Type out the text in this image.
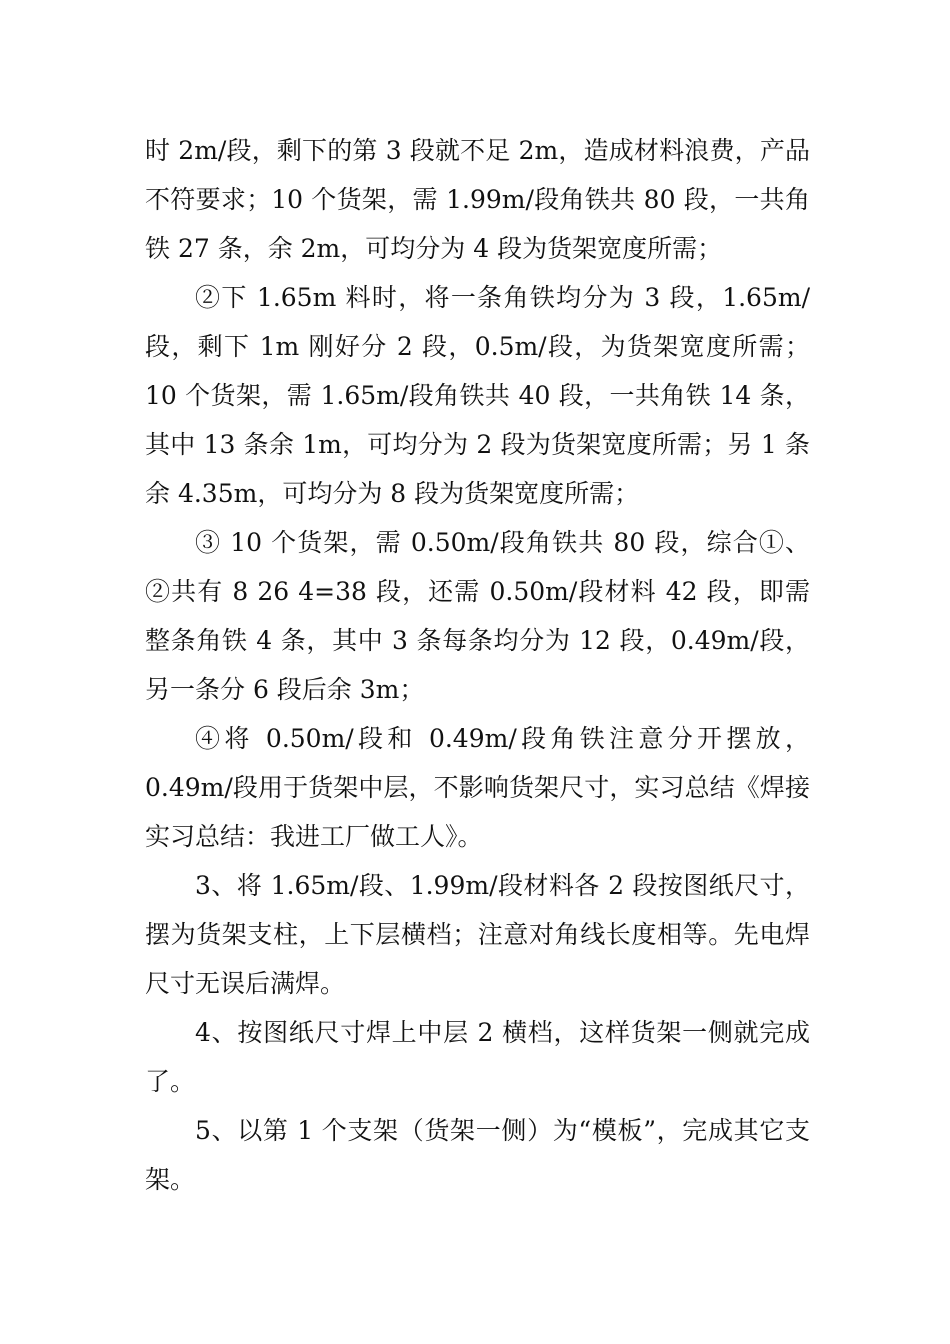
时 2m/段，剩下的第 3 段就不足 2m，造成材料浪费，产品不符要求；10 个货架，需 1.99m/段角铁共 80 段，一共角铁 27 条，余 2m，可均分为 4 段为货架宽度所需；

②下 1.65m 料时，将一条角铁均分为 3 段，1.65m/段，剩下 1m 刚好分 2 段，0.5m/段，为货架宽度所需；10 个货架，需 1.65m/段角铁共 40 段，一共角铁 14 条，其中 13 条余 1m，可均分为 2 段为货架宽度所需；另 1 条余 4.35m，可均分为 8 段为货架宽度所需；

③ 10 个货架，需 0.50m/段角铁共 80 段，综合①、②共有 8 26 4=38 段，还需 0.50m/段材料 42 段，即需整条角铁 4 条，其中 3 条每条均分为 12 段，0.49m/段，另一条分 6 段后余 3m；

④将 0.50m/段和 0.49m/段角铁注意分开摆放，0.49m/段用于货架中层，不影响货架尺寸，实习总结《焊接实习总结：我进工厂做工人》。

3、将 1.65m/段、1.99m/段材料各 2 段按图纸尺寸，摆为货架支柱，上下层横档；注意对角线长度相等。先电焊尺寸无误后满焊。

4、按图纸尺寸焊上中层 2 横档，这样货架一侧就完成了。

5、以第 1 个支架（货架一侧）为“模板”，完成其它支架。
